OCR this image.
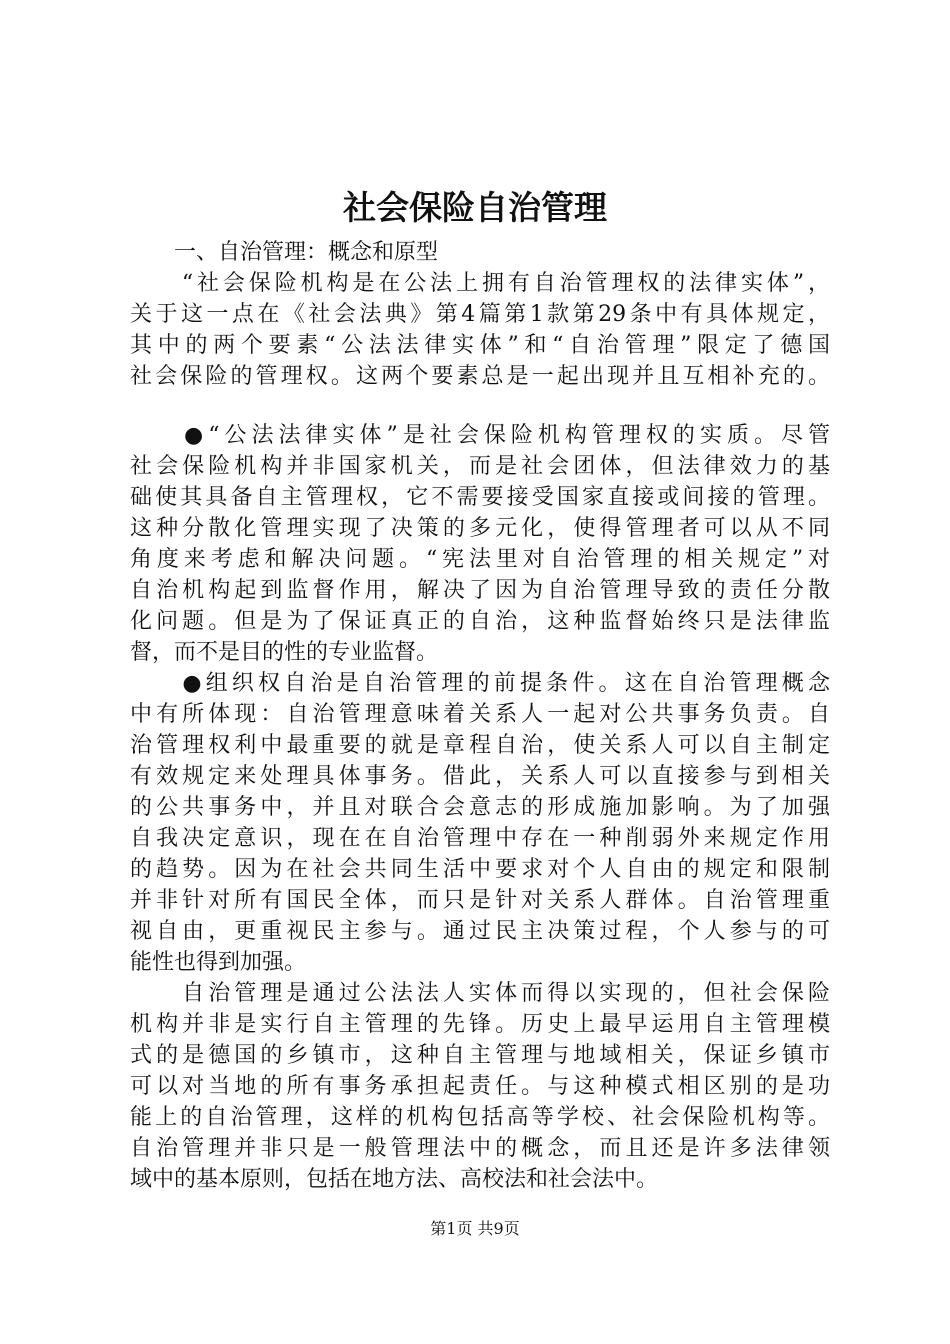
社会保险自治管理
　　一、自治管理：概念和原型
　　“社会保险机构是在公法上拥有自治管理权的法律实体”，
关于这一点在《社会法典》第4篇第1款第29条中有具体规定，
其中的两个要素“公法法律实体”和“自治管理”限定了德国
社会保险的管理权。这两个要素总是一起出现并且互相补充的。
　　●“公法法律实体”是社会保险机构管理权的实质。尽管
社会保险机构并非国家机关，而是社会团体，但法律效力的基
础使其具备自主管理权，它不需要接受国家直接或间接的管理。
这种分散化管理实现了决策的多元化，使得管理者可以从不同
角度来考虑和解决问题。“宪法里对自治管理的相关规定”对
自治机构起到监督作用，解决了因为自治管理导致的责任分散
化问题。但是为了保证真正的自治，这种监督始终只是法律监
督，而不是目的性的专业监督。
　　●组织权自治是自治管理的前提条件。这在自治管理概念
中有所体现：自治管理意味着关系人一起对公共事务负责。自
治管理权利中最重要的就是章程自治，使关系人可以自主制定
有效规定来处理具体事务。借此，关系人可以直接参与到相关
的公共事务中，并且对联合会意志的形成施加影响。为了加强
自我决定意识，现在在自治管理中存在一种削弱外来规定作用
的趋势。因为在社会共同生活中要求对个人自由的规定和限制
并非针对所有国民全体，而只是针对关系人群体。自治管理重
视自由，更重视民主参与。通过民主决策过程，个人参与的可
能性也得到加强。
　　自治管理是通过公法法人实体而得以实现的，但社会保险
机构并非是实行自主管理的先锋。历史上最早运用自主管理模
式的是德国的乡镇市，这种自主管理与地域相关，保证乡镇市
可以对当地的所有事务承担起责任。与这种模式相区别的是功
能上的自治管理，这样的机构包括高等学校、社会保险机构等。
自治管理并非只是一般管理法中的概念，而且还是许多法律领
域中的基本原则，包括在地方法、高校法和社会法中。
第1页 共9页
